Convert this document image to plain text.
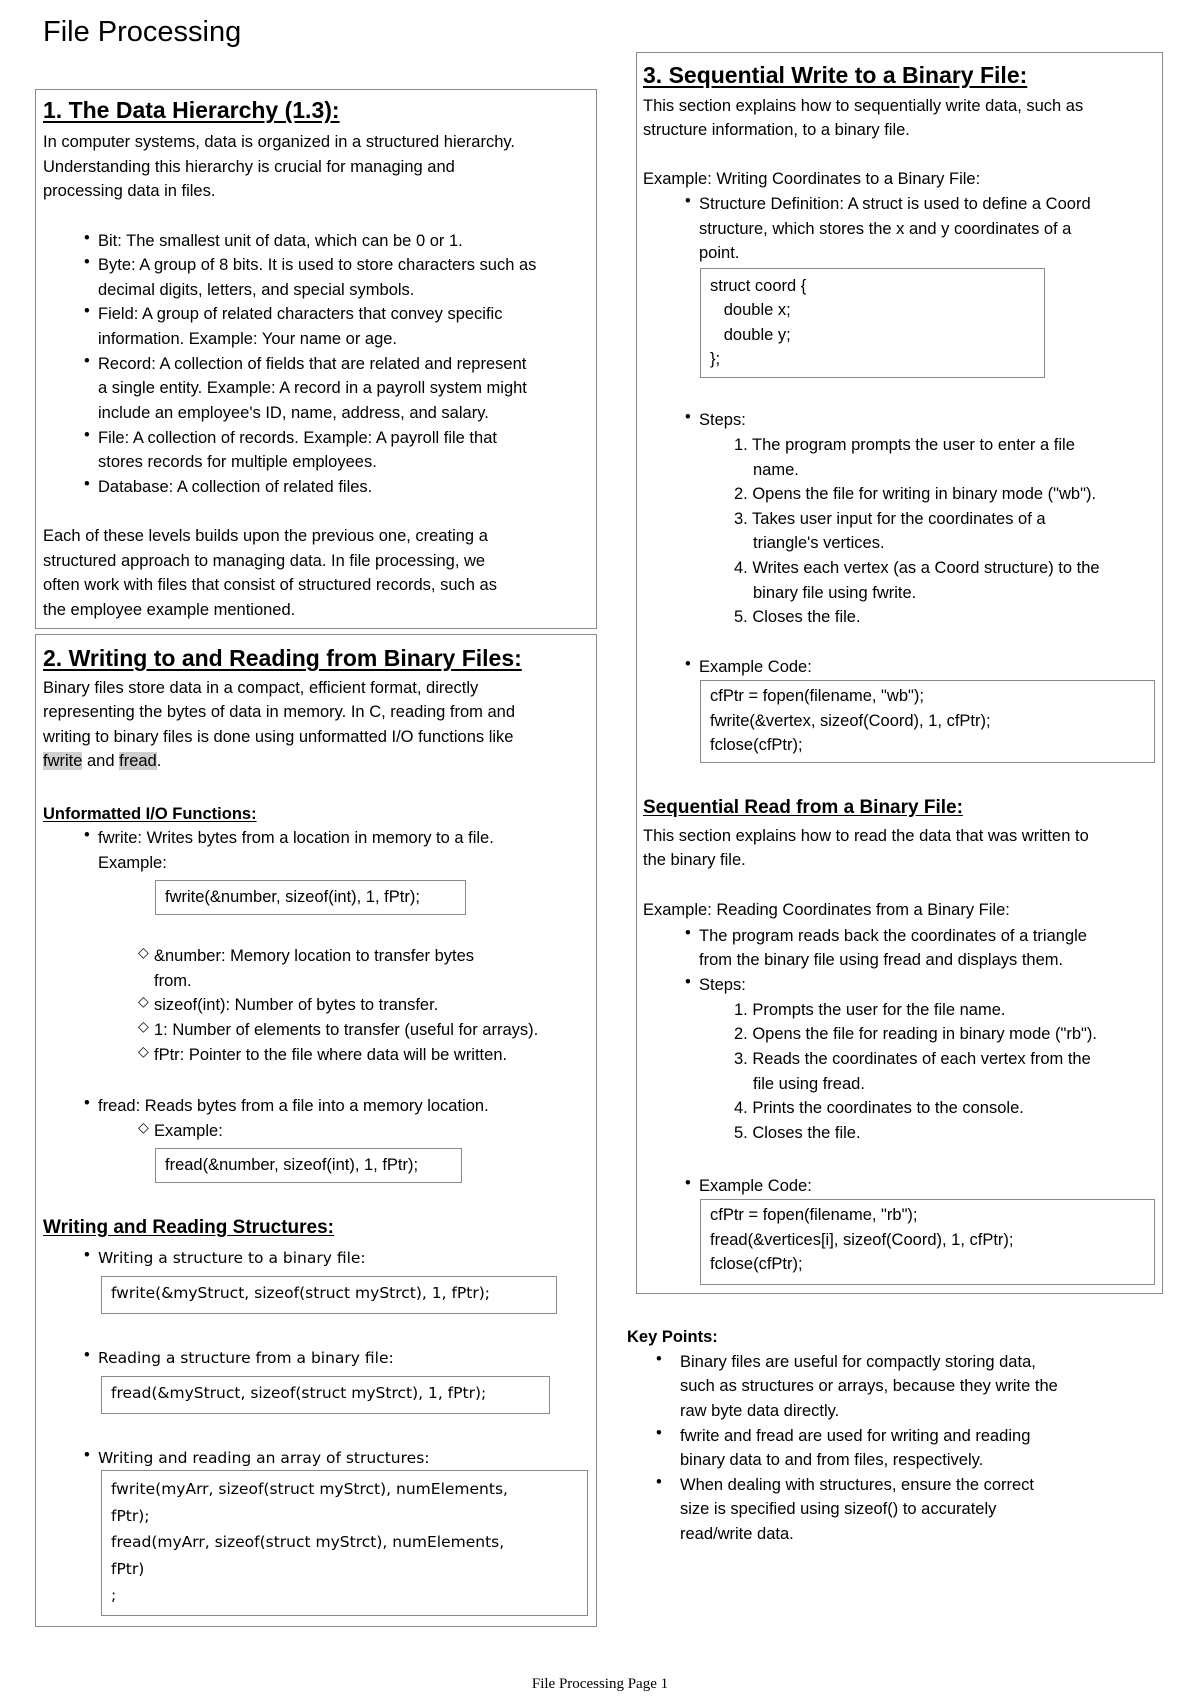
File Processing
1. The Data Hierarchy (1.3):
In computer systems, data is organized in a structured hierarchy.
Understanding this hierarchy is crucial for managing and
processing data in files.
• Bit: The smallest unit of data, which can be 0 or 1.
• Byte: A group of 8 bits. It is used to store characters such as
decimal digits, letters, and special symbols.
• Field: A group of related characters that convey specific
information. Example: Your name or age.
• Record: A collection of fields that are related and represent
a single entity. Example: A record in a payroll system might
include an employee's ID, name, address, and salary.
• File: A collection of records. Example: A payroll file that
stores records for multiple employees.
• Database: A collection of related files.
Each of these levels builds upon the previous one, creating a
structured approach to managing data. In file processing, we
often work with files that consist of structured records, such as
the employee example mentioned.
2. Writing to and Reading from Binary Files:
Binary files store data in a compact, efficient format, directly
representing the bytes of data in memory. In C, reading from and
writing to binary files is done using unformatted I/O functions like
fwrite and fread.
Unformatted I/O Functions:
• fwrite: Writes bytes from a location in memory to a file.
Example:
fwrite(&number, sizeof(int), 1, fPtr);
◇ &number: Memory location to transfer bytes
from.
◇ sizeof(int): Number of bytes to transfer.
◇ 1: Number of elements to transfer (useful for arrays).
◇ fPtr: Pointer to the file where data will be written.
• fread: Reads bytes from a file into a memory location.
◇ Example:
fread(&number, sizeof(int), 1, fPtr);
Writing and Reading Structures:
• Writing a structure to a binary file:
fwrite(&myStruct, sizeof(struct myStrct), 1, fPtr);
• Reading a structure from a binary file:
fread(&myStruct, sizeof(struct myStrct), 1, fPtr);
• Writing and reading an array of structures:
fwrite(myArr, sizeof(struct myStrct), numElements,
fPtr);
fread(myArr, sizeof(struct myStrct), numElements,
fPtr)
;
3. Sequential Write to a Binary File:
This section explains how to sequentially write data, such as
structure information, to a binary file.
Example: Writing Coordinates to a Binary File:
• Structure Definition: A struct is used to define a Coord
structure, which stores the x and y coordinates of a
point.

struct coord {
double x;
double y;
};

• Steps:
1. The program prompts the user to enter a file
name.
2. Opens the file for writing in binary mode ("wb").
3. Takes user input for the coordinates of a
triangle's vertices.
4. Writes each vertex (as a Coord structure) to the
binary file using fwrite.
5. Closes the file.
• Example Code:
cfPtr = fopen(filename, "wb");
fwrite(&vertex, sizeof(Coord), 1, cfPtr);
fclose(cfPtr);
Sequential Read from a Binary File:
This section explains how to read the data that was written to
the binary file.
Example: Reading Coordinates from a Binary File:
• The program reads back the coordinates of a triangle
from the binary file using fread and displays them.
• Steps:
1. Prompts the user for the file name.
2. Opens the file for reading in binary mode ("rb").
3. Reads the coordinates of each vertex from the
file using fread.
4. Prints the coordinates to the console.
5. Closes the file.
• Example Code:
cfPtr = fopen(filename, "rb");
fread(&vertices[i], sizeof(Coord), 1, cfPtr);
fclose(cfPtr);
Key Points:
• Binary files are useful for compactly storing data,
such as structures or arrays, because they write the
raw byte data directly.
• fwrite and fread are used for writing and reading
binary data to and from files, respectively.
• When dealing with structures, ensure the correct
size is specified using sizeof() to accurately
read/write data.
File Processing Page 1
